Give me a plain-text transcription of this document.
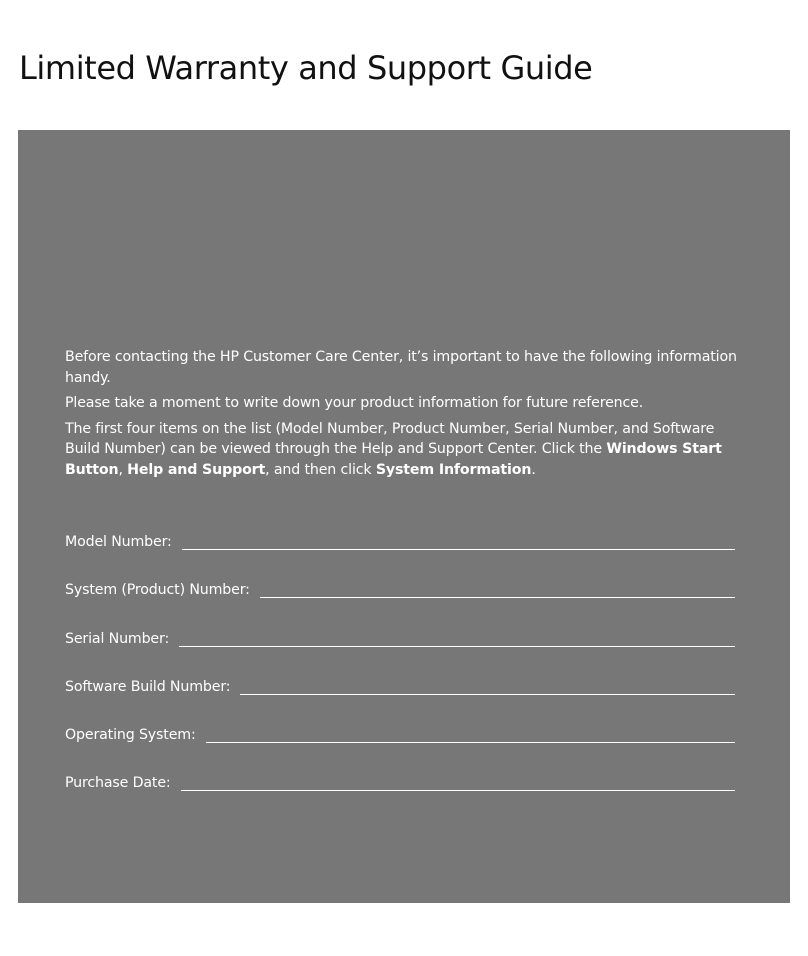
Limited Warranty and Support Guide

Before contacting the HP Customer Care Center, it’s important to have the following information handy.

Please take a moment to write down your product information for future reference.

The first four items on the list (Model Number, Product Number, Serial Number, and Software Build Number) can be viewed through the Help and Support Center. Click the Windows Start Button, Help and Support, and then click System Information.

Model Number:
System (Product) Number:
Serial Number:
Software Build Number:
Operating System:
Purchase Date:
